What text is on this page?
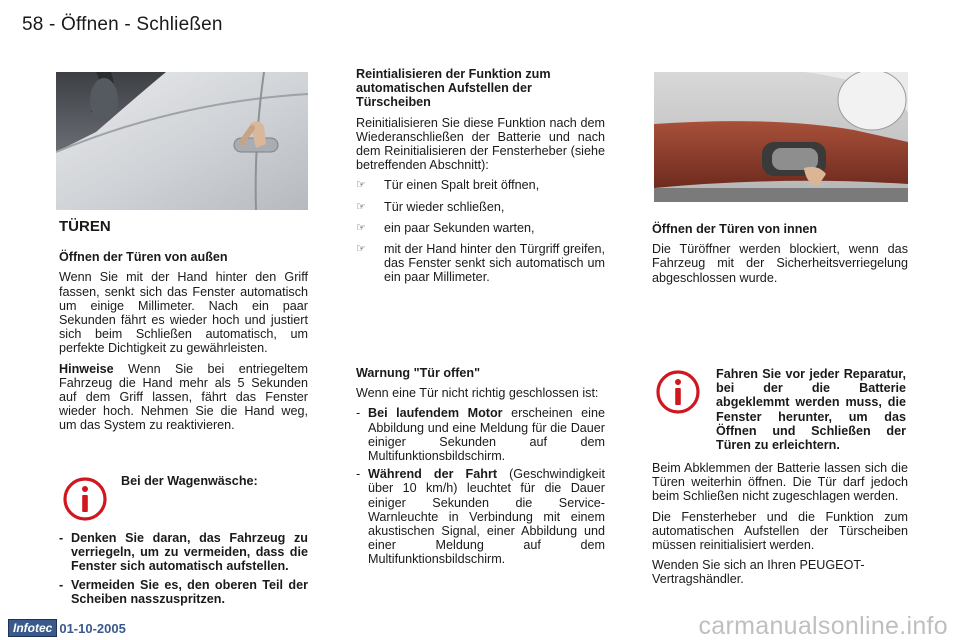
58 - Öffnen - Schließen
TÜREN
Öffnen der Türen von außen

Wenn Sie mit der Hand hinter den Griff fassen, senkt sich das Fenster automatisch um einige Millimeter. Nach ein paar Sekunden fährt es wieder hoch und justiert sich beim Schließen automatisch, um perfekte Dichtigkeit zu gewährleisten.

Hinweise Wenn Sie bei entriegeltem Fahrzeug die Hand mehr als 5 Sekunden auf dem Griff lassen, fährt das Fenster wieder hoch. Nehmen Sie die Hand weg, um das System zu reaktivieren.

Bei der Wagenwäsche:
- Denken Sie daran, das Fahrzeug zu verriegeln, um zu vermeiden, dass die Fenster sich automatisch aufstellen.
- Vermeiden Sie es, den oberen Teil der Scheiben nasszuspritzen.
Reintialisieren der Funktion zum automatischen Aufstellen der Türscheiben

Reinitialisieren Sie diese Funktion nach dem Wiederanschließen der Batterie und nach dem Reinitialisieren der Fensterheber (siehe betreffenden Abschnitt):

☞ Tür einen Spalt breit öffnen,
☞ Tür wieder schließen,
☞ ein paar Sekunden warten,
☞ mit der Hand hinter den Türgriff greifen, das Fenster senkt sich automatisch um ein paar Millimeter.
Warnung "Tür offen"

Wenn eine Tür nicht richtig geschlossen ist:

- Bei laufendem Motor erscheinen eine Abbildung und eine Meldung für die Dauer einiger Sekunden auf dem Multifunktionsbildschirm.
- Während der Fahrt (Geschwindigkeit über 10 km/h) leuchtet für die Dauer einiger Sekunden die Service-Warnleuchte in Verbindung mit einem akustischen Signal, einer Abbildung und einer Meldung auf dem Multifunktionsbildschirm.
Öffnen der Türen von innen

Die Türöffner werden blockiert, wenn das Fahrzeug mit der Sicherheitsverriegelung abgeschlossen wurde.

Fahren Sie vor jeder Reparatur, bei der die Batterie abgeklemmt werden muss, die Fenster herunter, um das Öffnen und Schließen der Türen zu erleichtern.

Beim Abklemmen der Batterie lassen sich die Türen weiterhin öffnen. Die Tür darf jedoch beim Schließen nicht zugeschlagen werden.

Die Fensterheber und die Funktion zum automatischen Aufstellen der Türscheiben müssen reinitialisiert werden.

Wenden Sie sich an Ihren PEUGEOT-Vertragshändler.

Infotec 01-10-2005	carmanualsonline.info
